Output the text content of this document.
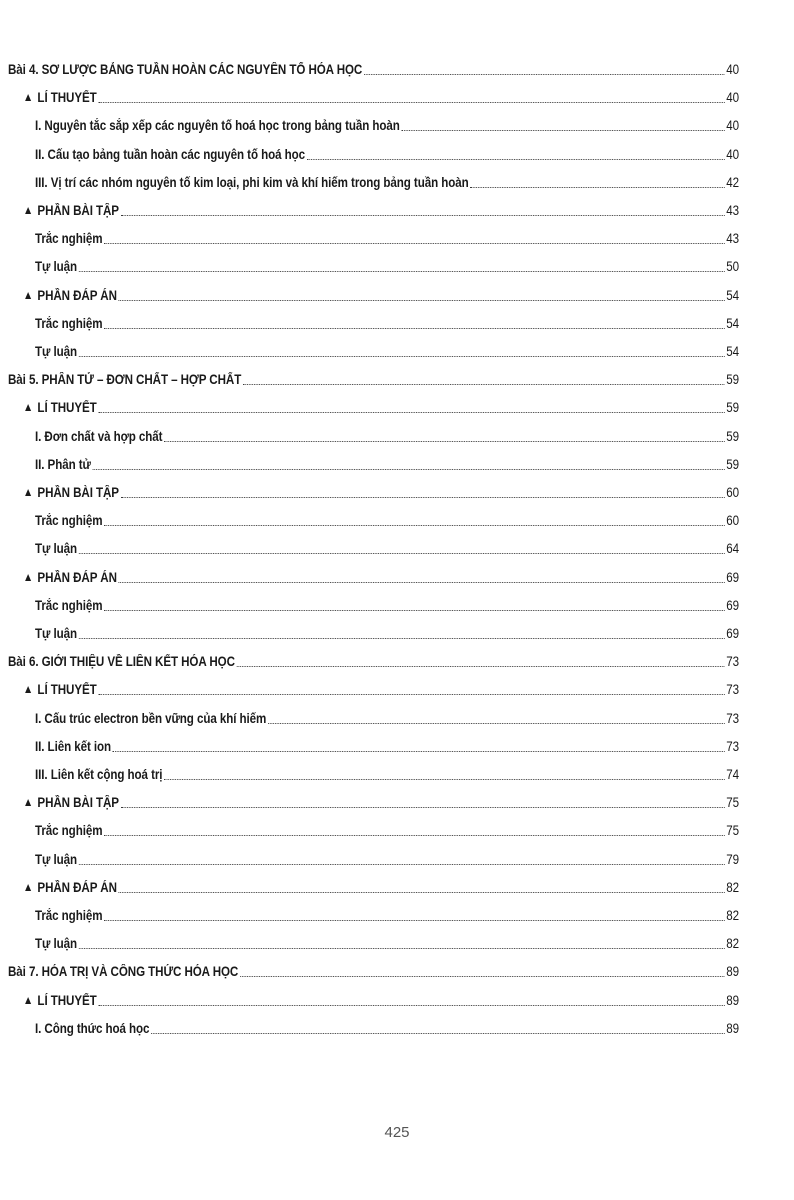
Bài 4. SƠ LƯỢC BẢNG TUẦN HOÀN CÁC NGUYÊN TỐ HÓA HỌC	40
▲ LÍ THUYẾT	40
I. Nguyên tắc sắp xếp các nguyên tố hoá học trong bảng tuần hoàn	40
II. Cấu tạo bảng tuần hoàn các nguyên tố hoá học	40
III. Vị trí các nhóm nguyên tố kim loại, phi kim và khí hiếm trong bảng tuần hoàn	42
▲ PHẦN BÀI TẬP	43
Trắc nghiệm	43
Tự luận	50
▲ PHẦN ĐÁP ÁN	54
Trắc nghiệm	54
Tự luận	54
Bài 5. PHÂN TỬ – ĐƠN CHẤT – HỢP CHẤT	59
▲ LÍ THUYẾT	59
I. Đơn chất và hợp chất	59
II. Phân tử	59
▲ PHẦN BÀI TẬP	60
Trắc nghiệm	60
Tự luận	64
▲ PHẦN ĐÁP ÁN	69
Trắc nghiệm	69
Tự luận	69
Bài 6. GIỚI THIỆU VỀ LIÊN KẾT HÓA HỌC	73
▲ LÍ THUYẾT	73
I. Cấu trúc electron bền vững của khí hiếm	73
II. Liên kết ion	73
III. Liên kết cộng hoá trị	74
▲ PHẦN BÀI TẬP	75
Trắc nghiệm	75
Tự luận	79
▲ PHẦN ĐÁP ÁN	82
Trắc nghiệm	82
Tự luận	82
Bài 7. HÓA TRỊ VÀ CÔNG THỨC HÓA HỌC	89
▲ LÍ THUYẾT	89
I. Công thức hoá học	89
425
